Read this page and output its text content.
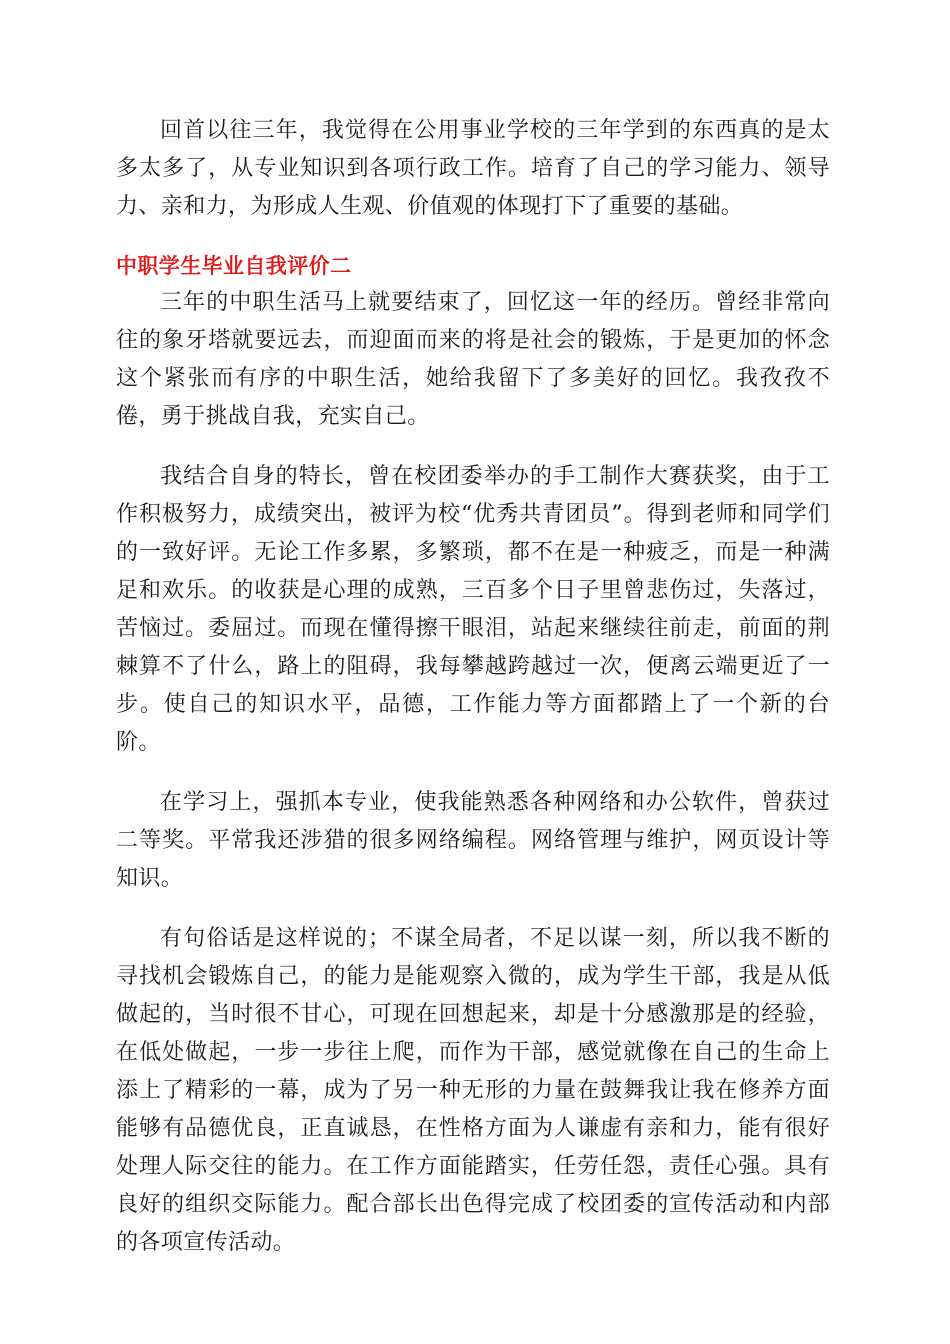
回首以往三年，我觉得在公用事业学校的三年学到的东西真的是太多太多了，从专业知识到各项行政工作。培育了自己的学习能力、领导力、亲和力，为形成人生观、价值观的体现打下了重要的基础。

中职学生毕业自我评价二

三年的中职生活马上就要结束了，回忆这一年的经历。曾经非常向往的象牙塔就要远去，而迎面而来的将是社会的锻炼，于是更加的怀念这个紧张而有序的中职生活，她给我留下了多美好的回忆。我孜孜不倦，勇于挑战自我，充实自己。

我结合自身的特长，曾在校团委举办的手工制作大赛获奖，由于工作积极努力，成绩突出，被评为校“优秀共青团员”。得到老师和同学们的一致好评。无论工作多累，多繁琐，都不在是一种疲乏，而是一种满足和欢乐。的收获是心理的成熟，三百多个日子里曾悲伤过，失落过，苦恼过。委屈过。而现在懂得擦干眼泪，站起来继续往前走，前面的荆棘算不了什么，路上的阻碍，我每攀越跨越过一次，便离云端更近了一步。使自己的知识水平，品德，工作能力等方面都踏上了一个新的台阶。

在学习上，强抓本专业，使我能熟悉各种网络和办公软件，曾获过二等奖。平常我还涉猎的很多网络编程。网络管理与维护，网页设计等知识。

有句俗话是这样说的；不谋全局者，不足以谋一刻，所以我不断的寻找机会锻炼自己，的能力是能观察入微的，成为学生干部，我是从低做起的，当时很不甘心，可现在回想起来，却是十分感激那是的经验，在低处做起，一步一步往上爬，而作为干部，感觉就像在自己的生命上添上了精彩的一幕，成为了另一种无形的力量在鼓舞我让我在修养方面能够有品德优良，正直诚恳，在性格方面为人谦虚有亲和力，能有很好处理人际交往的能力。在工作方面能踏实，任劳任怨，责任心强。具有良好的组织交际能力。配合部长出色得完成了校团委的宣传活动和内部的各项宣传活动。
